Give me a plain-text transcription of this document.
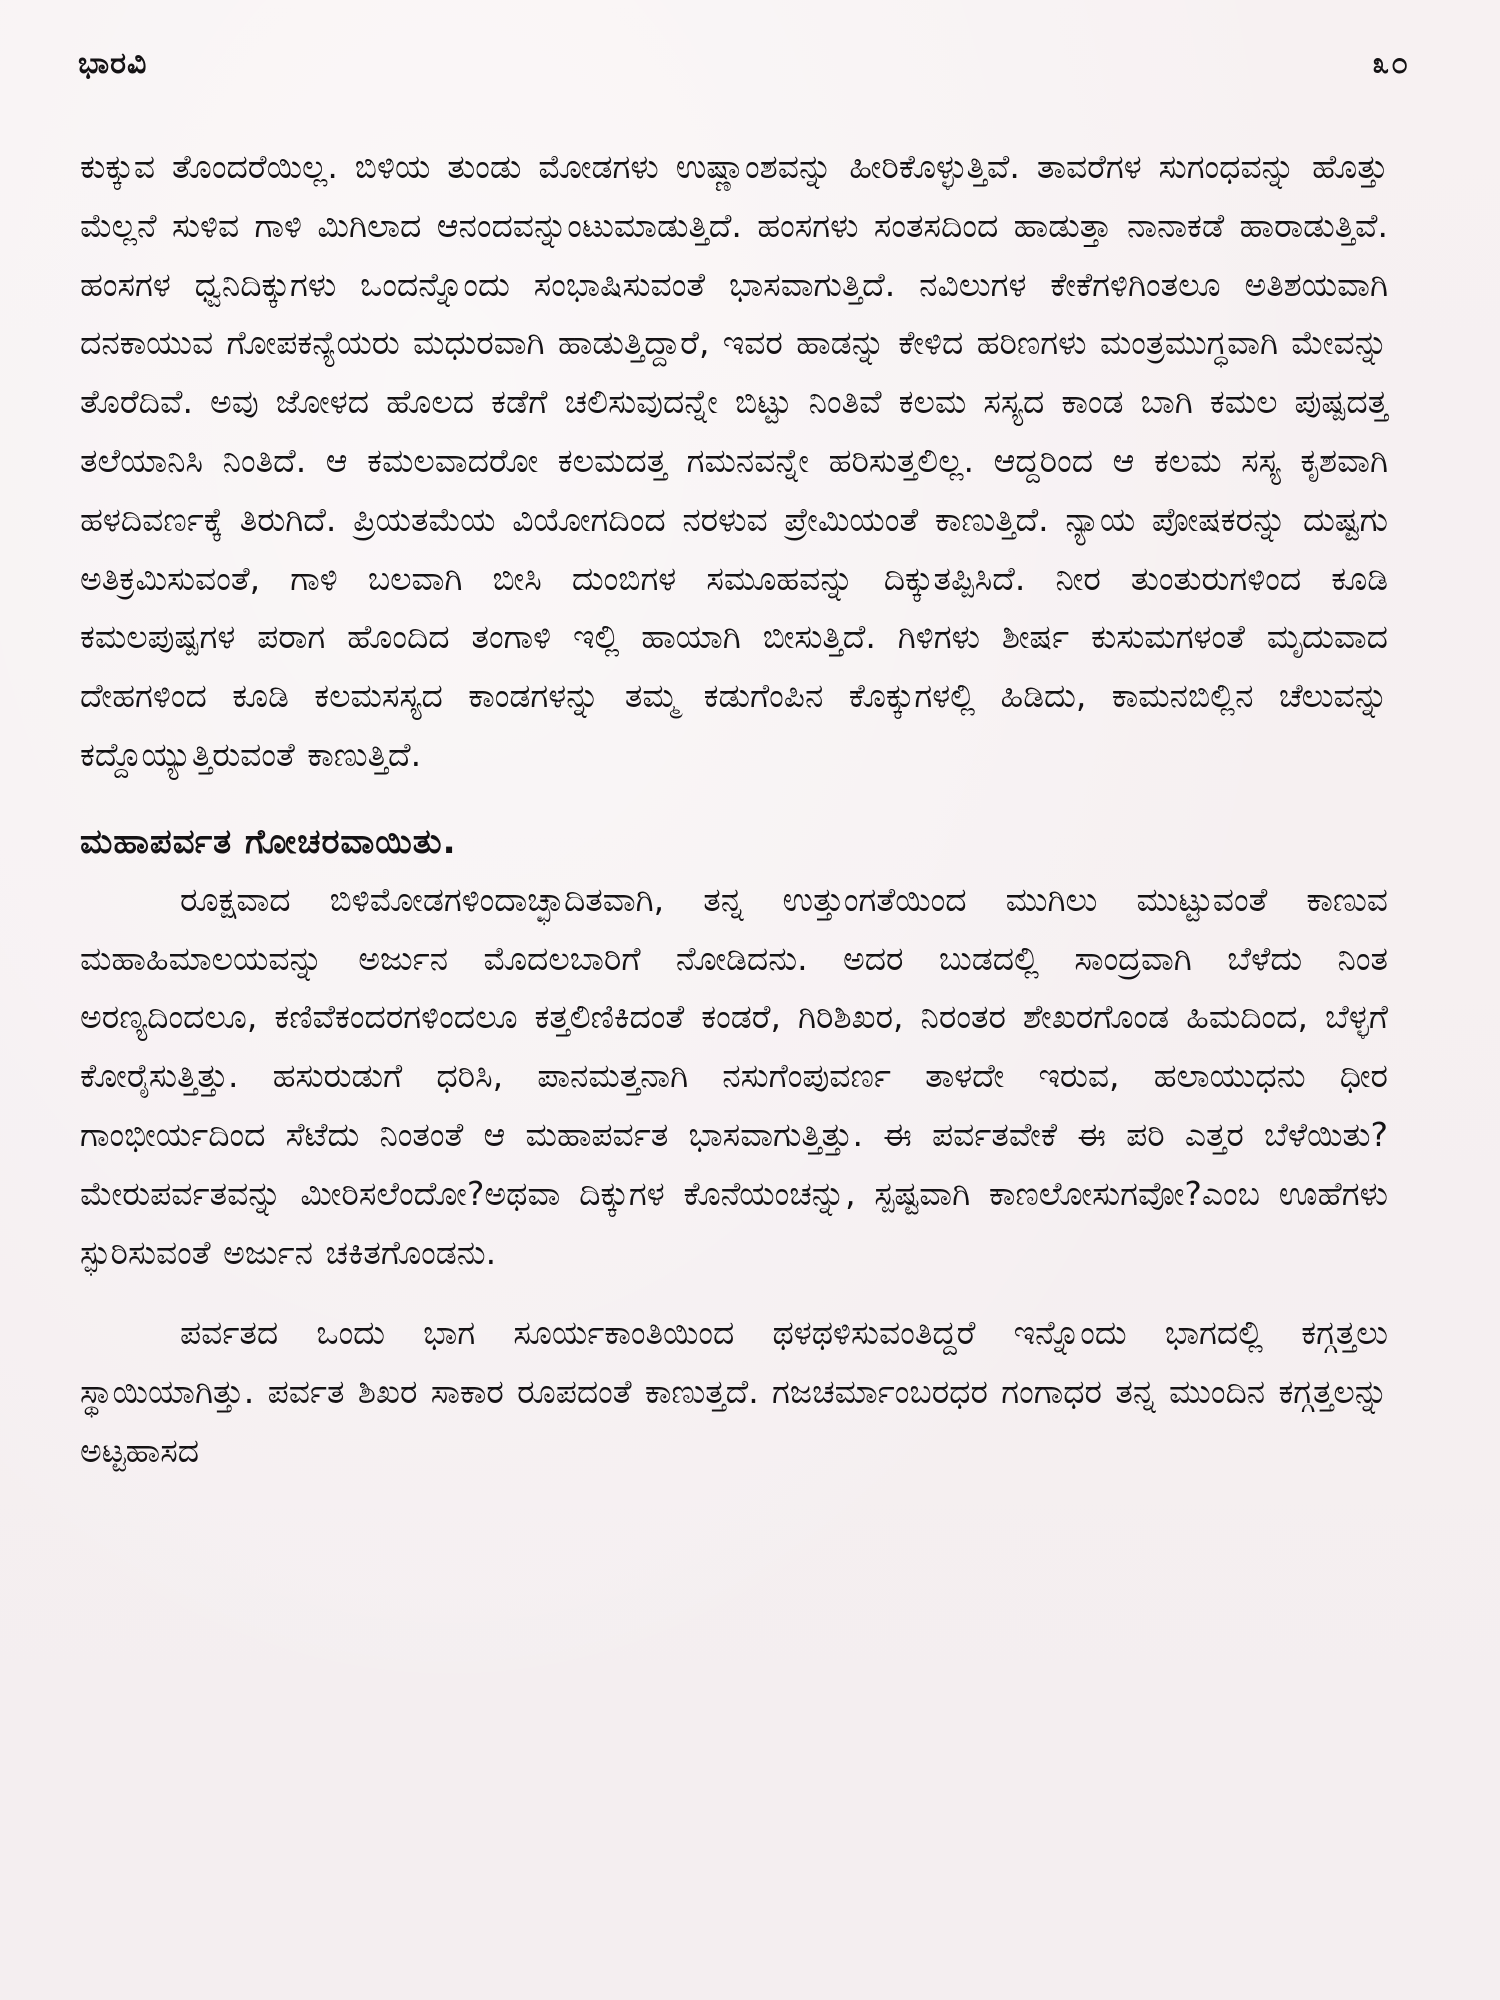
ಭಾರವಿ	೩೦

ಕುಕ್ಕುವ ತೊಂದರೆಯಿಲ್ಲ. ಬಿಳಿಯ ತುಂಡು ಮೋಡಗಳು ಉಷ್ಣಾಂಶವನ್ನು ಹೀರಿಕೊಳ್ಳುತ್ತಿವೆ. ತಾವರೆಗಳ ಸುಗಂಧವನ್ನು ಹೊತ್ತು ಮೆಲ್ಲನೆ ಸುಳಿವ ಗಾಳಿ ಮಿಗಿಲಾದ ಆನಂದವನ್ನುಂಟುಮಾಡುತ್ತಿದೆ. ಹಂಸಗಳು ಸಂತಸದಿಂದ ಹಾಡುತ್ತಾ ನಾನಾಕಡೆ ಹಾರಾಡುತ್ತಿವೆ. ಹಂಸಗಳ ಧ್ವನಿದಿಕ್ಕುಗಳು ಒಂದನ್ನೊಂದು ಸಂಭಾಷಿಸುವಂತೆ ಭಾಸವಾಗುತ್ತಿದೆ. ನವಿಲುಗಳ ಕೇಕೆಗಳಿಗಿಂತಲೂ ಅತಿಶಯವಾಗಿ ದನಕಾಯುವ ಗೋಪಕನ್ಯೆಯರು ಮಧುರವಾಗಿ ಹಾಡುತ್ತಿದ್ದಾರೆ, ಇವರ ಹಾಡನ್ನು ಕೇಳಿದ ಹರಿಣಗಳು ಮಂತ್ರಮುಗ್ಧವಾಗಿ ಮೇವನ್ನು ತೊರೆದಿವೆ. ಅವು ಜೋಳದ ಹೊಲದ ಕಡೆಗೆ ಚಲಿಸುವುದನ್ನೇ ಬಿಟ್ಟು ನಿಂತಿವೆ ಕಲಮ ಸಸ್ಯದ ಕಾಂಡ ಬಾಗಿ ಕಮಲ ಪುಷ್ಪದತ್ತ ತಲೆಯಾನಿಸಿ ನಿಂತಿದೆ. ಆ ಕಮಲವಾದರೋ ಕಲಮದತ್ತ ಗಮನವನ್ನೇ ಹರಿಸುತ್ತಲಿಲ್ಲ. ಆದ್ದರಿಂದ ಆ ಕಲಮ ಸಸ್ಯ ಕೃಶವಾಗಿ ಹಳದಿವರ್ಣಕ್ಕೆ ತಿರುಗಿದೆ. ಪ್ರಿಯತಮೆಯ ವಿಯೋಗದಿಂದ ನರಳುವ ಪ್ರೇಮಿಯಂತೆ ಕಾಣುತ್ತಿದೆ. ನ್ಯಾಯ ಪೋಷಕರನ್ನು ದುಷ್ಟಗು ಅತಿಕ್ರಮಿಸುವಂತೆ, ಗಾಳಿ ಬಲವಾಗಿ ಬೀಸಿ ದುಂಬಿಗಳ ಸಮೂಹವನ್ನು ದಿಕ್ಕುತಪ್ಪಿಸಿದೆ. ನೀರ ತುಂತುರುಗಳಿಂದ ಕೂಡಿ ಕಮಲಪುಷ್ಪಗಳ ಪರಾಗ ಹೊಂದಿದ ತಂಗಾಳಿ ಇಲ್ಲಿ ಹಾಯಾಗಿ ಬೀಸುತ್ತಿದೆ. ಗಿಳಿಗಳು ಶೀರ್ಷ ಕುಸುಮಗಳಂತೆ ಮೃದುವಾದ ದೇಹಗಳಿಂದ ಕೂಡಿ ಕಲಮಸಸ್ಯದ ಕಾಂಡಗಳನ್ನು ತಮ್ಮ ಕಡುಗೆಂಪಿನ ಕೊಕ್ಕುಗಳಲ್ಲಿ ಹಿಡಿದು, ಕಾಮನಬಿಲ್ಲಿನ ಚೆಲುವನ್ನು ಕದ್ದೊಯ್ಯುತ್ತಿರುವಂತೆ ಕಾಣುತ್ತಿದೆ.

ಮಹಾಪರ್ವತ ಗೋಚರವಾಯಿತು.

ರೂಕ್ಷವಾದ ಬಿಳಿಮೋಡಗಳಿಂದಾಚ್ಛಾದಿತವಾಗಿ, ತನ್ನ ಉತ್ತುಂಗತೆಯಿಂದ ಮುಗಿಲು ಮುಟ್ಟುವಂತೆ ಕಾಣುವ ಮಹಾಹಿಮಾಲಯವನ್ನು ಅರ್ಜುನ ಮೊದಲಬಾರಿಗೆ ನೋಡಿದನು. ಅದರ ಬುಡದಲ್ಲಿ ಸಾಂದ್ರವಾಗಿ ಬೆಳೆದು ನಿಂತ ಅರಣ್ಯದಿಂದಲೂ, ಕಣಿವೆಕಂದರಗಳಿಂದಲೂ ಕತ್ತಲಿಣಿಕಿದಂತೆ ಕಂಡರೆ, ಗಿರಿಶಿಖರ, ನಿರಂತರ ಶೇಖರಗೊಂಡ ಹಿಮದಿಂದ, ಬೆಳ್ಳಗೆ ಕೋರೈಸುತ್ತಿತ್ತು. ಹಸುರುಡುಗೆ ಧರಿಸಿ, ಪಾನಮತ್ತನಾಗಿ ನಸುಗೆಂಪುವರ್ಣ ತಾಳದೇ ಇರುವ, ಹಲಾಯುಧನು ಧೀರ ಗಾಂಭೀರ್ಯದಿಂದ ಸೆಟೆದು ನಿಂತಂತೆ ಆ ಮಹಾಪರ್ವತ ಭಾಸವಾಗುತ್ತಿತ್ತು. ಈ ಪರ್ವತವೇಕೆ ಈ ಪರಿ ಎತ್ತರ ಬೆಳೆಯಿತು?ಮೇರುಪರ್ವತವನ್ನು ಮೀರಿಸಲೆಂದೋ?ಅಥವಾ ದಿಕ್ಕುಗಳ ಕೊನೆಯಂಚನ್ನು, ಸ್ಪಷ್ಟವಾಗಿ ಕಾಣಲೋಸುಗವೋ?ಎಂಬ ಊಹೆಗಳು ಸ್ಫುರಿಸುವಂತೆ ಅರ್ಜುನ ಚಕಿತಗೊಂಡನು.

ಪರ್ವತದ ಒಂದು ಭಾಗ ಸೂರ್ಯಕಾಂತಿಯಿಂದ ಥಳಥಳಿಸುವಂತಿದ್ದರೆ ಇನ್ನೊಂದು ಭಾಗದಲ್ಲಿ ಕಗ್ಗತ್ತಲು ಸ್ಥಾಯಿಯಾಗಿತ್ತು. ಪರ್ವತ ಶಿಖರ ಸಾಕಾರ ರೂಪದಂತೆ ಕಾಣುತ್ತದೆ. ಗಜಚರ್ಮಾಂಬರಧರ ಗಂಗಾಧರ ತನ್ನ ಮುಂದಿನ ಕಗ್ಗತ್ತಲನ್ನು ಅಟ್ಟಹಾಸದ
